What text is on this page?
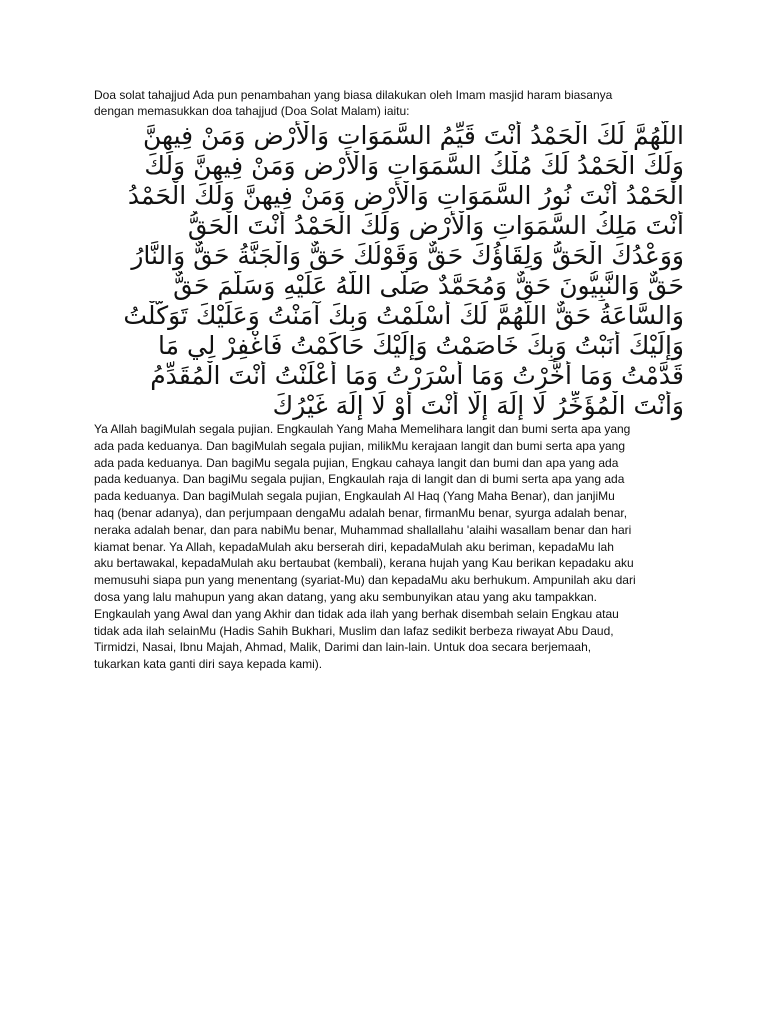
Doa solat tahajjud Ada pun penambahan yang biasa dilakukan oleh Imam masjid haram biasanya
dengan memasukkan doa tahajjud (Doa Solat Malam) iaitu:
اللَّهُمَّ لَكَ الْحَمْدُ أَنْتَ قَيِّمُ السَّمَوَاتِ وَالْأَرْضِ وَمَنْ فِيهِنَّ
وَلَكَ الْحَمْدُ لَكَ مُلْكُ السَّمَوَاتِ وَالْأَرْضِ وَمَنْ فِيهِنَّ وَلَكَ
الْحَمْدُ أَنْتَ نُورُ السَّمَوَاتِ وَالْأَرْضِ وَمَنْ فِيهِنَّ وَلَكَ الْحَمْدُ
أَنْتَ مَلِكُ السَّمَوَاتِ وَالْأَرْضِ وَلَكَ الْحَمْدُ أَنْتَ الْحَقُّ
وَوَعْدُكَ الْحَقُّ وَلِقَاؤُكَ حَقٌّ وَقَوْلُكَ حَقٌّ وَالْجَنَّةُ حَقٌّ وَالنَّارُ
حَقٌّ وَالنَّبِيُّونَ حَقٌّ وَمُحَمَّدٌ صَلَّى اللَّهُ عَلَيْهِ وَسَلَّمَ حَقٌّ
وَالسَّاعَةُ حَقٌّ اللَّهُمَّ لَكَ أَسْلَمْتُ وَبِكَ آمَنْتُ وَعَلَيْكَ تَوَكَّلْتُ
وَإِلَيْكَ أَنَبْتُ وَبِكَ خَاصَمْتُ وَإِلَيْكَ حَاكَمْتُ فَاغْفِرْ لِي مَا
قَدَّمْتُ وَمَا أَخَّرْتُ وَمَا أَسْرَرْتُ وَمَا أَعْلَنْتُ أَنْتَ الْمُقَدِّمُ
وَأَنْتَ الْمُؤَخِّرُ لَا إِلَهَ إِلَّا أَنْتَ أَوْ لَا إِلَهَ غَيْرُكَ
Ya Allah bagiMulah segala pujian. Engkaulah Yang Maha Memelihara langit dan bumi serta apa yang
ada pada keduanya. Dan bagiMulah segala pujian, milikMu kerajaan langit dan bumi serta apa yang
ada pada keduanya. Dan bagiMu segala pujian, Engkau cahaya langit dan bumi dan apa yang ada
pada keduanya. Dan bagiMu segala pujian, Engkaulah raja di langit dan di bumi serta apa yang ada
pada keduanya. Dan bagiMulah segala pujian, Engkaulah Al Haq (Yang Maha Benar), dan janjiMu
haq (benar adanya), dan perjumpaan dengaMu adalah benar, firmanMu benar, syurga adalah benar,
neraka adalah benar, dan para nabiMu benar, Muhammad shallallahu 'alaihi wasallam benar dan hari
kiamat benar. Ya Allah, kepadaMulah aku berserah diri, kepadaMulah aku beriman, kepadaMu lah
aku bertawakal, kepadaMulah aku bertaubat (kembali), kerana hujah yang Kau berikan kepadaku aku
memusuhi siapa pun yang menentang (syariat-Mu) dan kepadaMu aku berhukum. Ampunilah aku dari
dosa yang lalu mahupun yang akan datang, yang aku sembunyikan atau yang aku tampakkan.
Engkaulah yang Awal dan yang Akhir dan tidak ada ilah yang berhak disembah selain Engkau atau
tidak ada ilah selainMu (Hadis Sahih Bukhari, Muslim dan lafaz sedikit berbeza riwayat Abu Daud,
Tirmidzi, Nasai, Ibnu Majah, Ahmad, Malik, Darimi dan lain-lain. Untuk doa secara berjemaah,
tukarkan kata ganti diri saya kepada kami).
